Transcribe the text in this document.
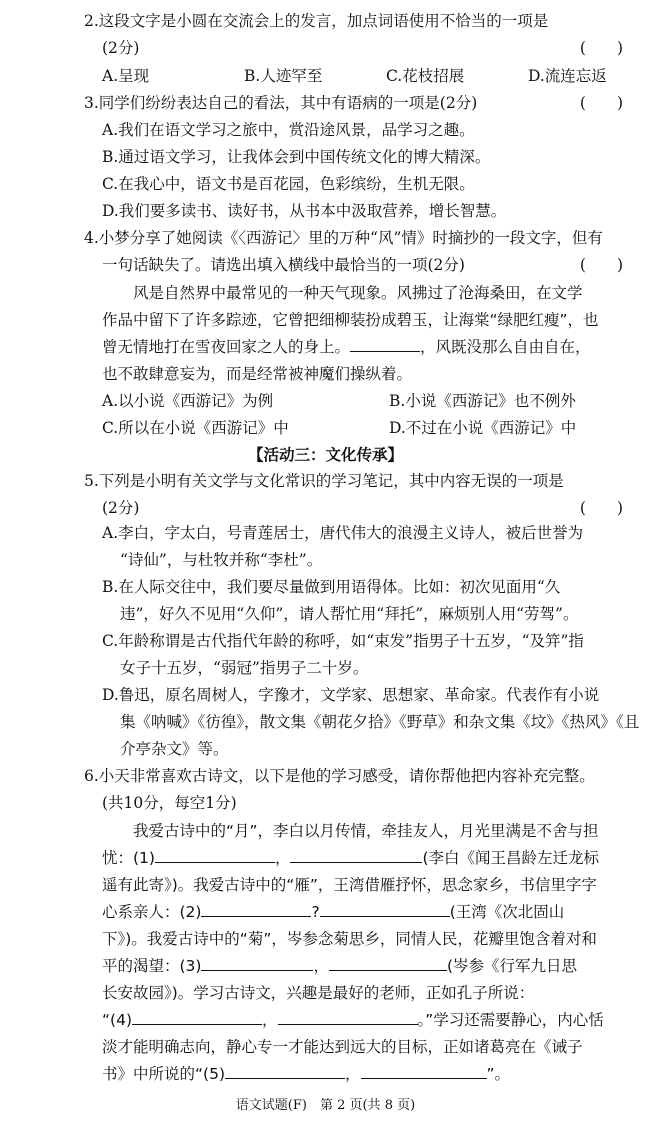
2.这段文字是小圆在交流会上的发言，加点词语使用不恰当的一项是
(2分)	(　　)
A.呈现	B.人迹罕至	C.花枝招展	D.流连忘返
3.同学们纷纷表达自己的看法，其中有语病的一项是(2分)	(　　)
A.我们在语文学习之旅中，赏沿途风景，品学习之趣。
B.通过语文学习，让我体会到中国传统文化的博大精深。
C.在我心中，语文书是百花园，色彩缤纷，生机无限。
D.我们要多读书、读好书，从书本中汲取营养，增长智慧。
4.小梦分享了她阅读《〈西游记〉里的万种“风”情》时摘抄的一段文字，但有
一句话缺失了。请选出填入横线中最恰当的一项(2分)	(　　)
风是自然界中最常见的一种天气现象。风拂过了沧海桑田，在文学
作品中留下了许多踪迹，它曾把细柳装扮成碧玉，让海棠“绿肥红瘦”，也
曾无情地打在雪夜回家之人的身上。	，风既没那么自由自在，
也不敢肆意妄为，而是经常被神魔们操纵着。
A.以小说《西游记》为例	B.小说《西游记》也不例外
C.所以在小说《西游记》中	D.不过在小说《西游记》中
【活动三：文化传承】
5.下列是小明有关文学与文化常识的学习笔记，其中内容无误的一项是
(2分)	(　　)
A.李白，字太白，号青莲居士，唐代伟大的浪漫主义诗人，被后世誉为
“诗仙”，与杜牧并称“李杜”。
B.在人际交往中，我们要尽量做到用语得体。比如：初次见面用“久
违”，好久不见用“久仰”，请人帮忙用“拜托”，麻烦别人用“劳驾”。
C.年龄称谓是古代指代年龄的称呼，如“束发”指男子十五岁，“及笄”指
女子十五岁，“弱冠”指男子二十岁。
D.鲁迅，原名周树人，字豫才，文学家、思想家、革命家。代表作有小说
集《呐喊》《彷徨》，散文集《朝花夕拾》《野草》和杂文集《坟》《热风》《且
介亭杂文》等。
6.小天非常喜欢古诗文，以下是他的学习感受，请你帮他把内容补充完整。
(共10分，每空1分)
我爱古诗中的“月”，李白以月传情，牵挂友人，月光里满是不舍与担
忧：(1)	，	(李白《闻王昌龄左迁龙标
遥有此寄》)。我爱古诗中的“雁”，王湾借雁抒怀，思念家乡，书信里字字
心系亲人：(2)	?	(王湾《次北固山
下》)。我爱古诗中的“菊”，岑参念菊思乡，同情人民，花瓣里饱含着对和
平的渴望：(3)	，	(岑参《行军九日思
长安故园》)。学习古诗文，兴趣是最好的老师，正如孔子所说：
“(4)	，	。”学习还需要静心，内心恬
淡才能明确志向，静心专一才能达到远大的目标，正如诸葛亮在《诫子
书》中所说的“(5)	，	”。
语文试题(F)　第 2 页(共 8 页)
